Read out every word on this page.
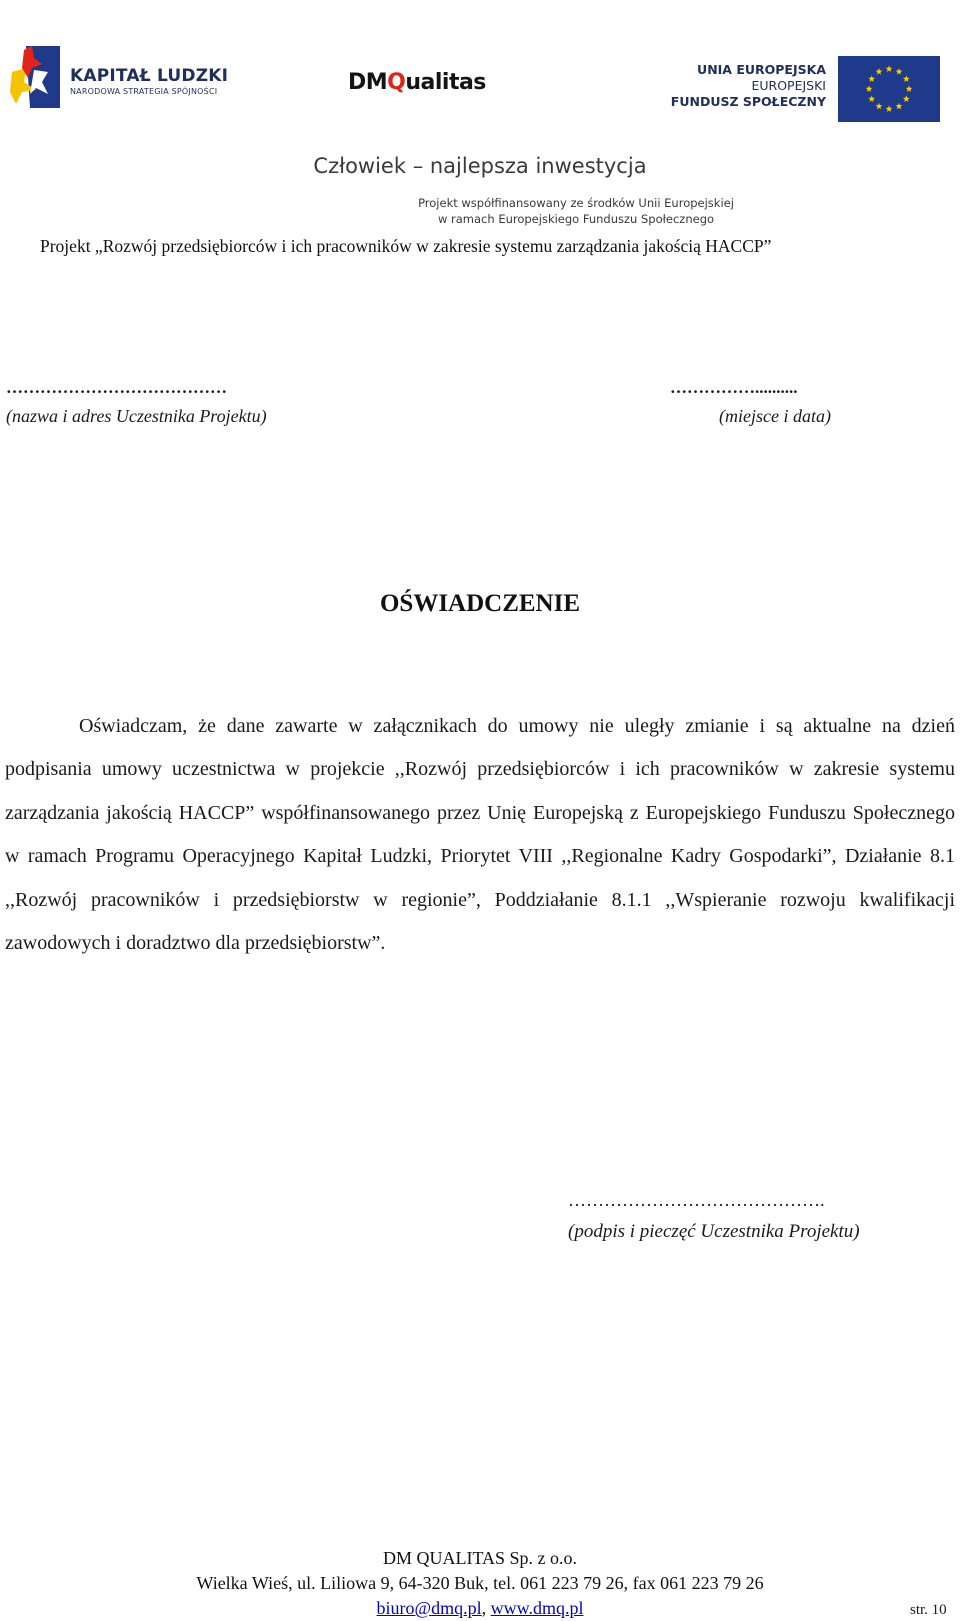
KAPITAŁ LUDZKI
NARODOWA STRATEGIA SPÓJNOŚCI	DMQualitas
UNIA EUROPEJSKA
EUROPEJSKI
FUNDUSZ SPOŁECZNY
Człowiek – najlepsza inwestycja
Projekt współfinansowany ze środków Unii Europejskiej
w ramach Europejskiego Funduszu Społecznego
Projekt „Rozwój przedsiębiorców i ich pracowników w zakresie systemu zarządzania jakością HACCP”
…………………………………	……………..........
(nazwa i adres Uczestnika Projektu)	(miejsce i data)
OŚWIADCZENIE

Oświadczam, że dane zawarte w załącznikach do umowy nie uległy zmianie i są aktualne na dzień podpisania umowy uczestnictwa w projekcie ,,Rozwój przedsiębiorców i ich pracowników w zakresie systemu zarządzania jakością HACCP” współfinansowanego przez Unię Europejską z Europejskiego Funduszu Społecznego w ramach Programu Operacyjnego Kapitał Ludzki, Priorytet VIII ,,Regionalne Kadry Gospodarki”, Działanie 8.1 ,,Rozwój pracowników i przedsiębiorstw w regionie”, Poddziałanie 8.1.1 ,,Wspieranie rozwoju kwalifikacji zawodowych i doradztwo dla przedsiębiorstw”.

…………………………………….
(podpis i pieczęć Uczestnika Projektu)
DM QUALITAS Sp. z o.o.
Wielka Wieś, ul. Liliowa 9, 64-320 Buk, tel. 061 223 79 26, fax 061 223 79 26
biuro@dmq.pl, www.dmq.pl	str. 10
